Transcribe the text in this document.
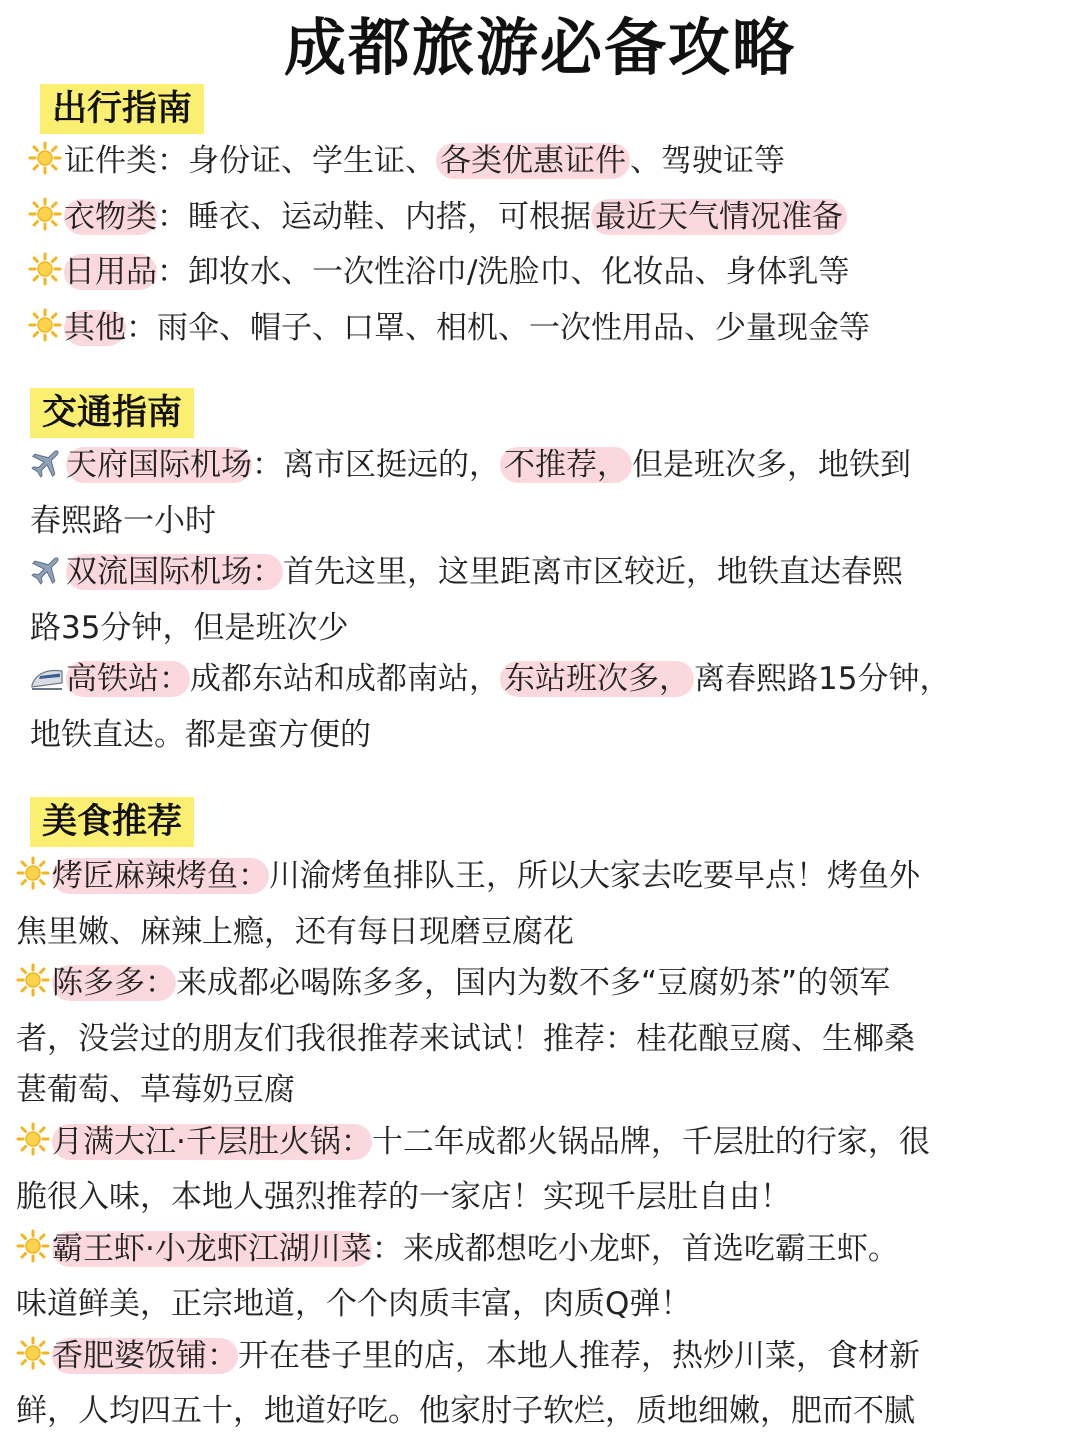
成都旅游必备攻略
出行指南
证件类：身份证、学生证、 各类优惠证件 、驾驶证等
衣物类：睡衣、运动鞋、内搭，可根据 最近天气情况准备
日用品：卸妆水、一次性浴巾/洗脸巾、化妆品、身体乳等
其他：雨伞、帽子、口罩、相机、一次性用品、少量现金等
交通指南
天府国际机场：离市区挺远的， 不推荐， 但是班次多，地铁到
春熙路一小时
双流国际机场：首先这里，这里距离市区较近，地铁直达春熙
路35分钟，但是班次少
高铁站：成都东站和成都南站， 东站班次多， 离春熙路15分钟，
地铁直达。都是蛮方便的
美食推荐
烤匠麻辣烤鱼：川渝烤鱼排队王，所以大家去吃要早点！烤鱼外
焦里嫩、麻辣上瘾，还有每日现磨豆腐花
陈多多：来成都必喝陈多多，国内为数不多“豆腐奶茶”的领军
者，没尝过的朋友们我很推荐来试试！推荐：桂花酿豆腐、生椰桑
葚葡萄、草莓奶豆腐
月满大江·千层肚火锅：十二年成都火锅品牌，千层肚的行家，很
脆很入味，本地人强烈推荐的一家店！实现千层肚自由！
霸王虾·小龙虾江湖川菜：来成都想吃小龙虾，首选吃霸王虾。
味道鲜美，正宗地道，个个肉质丰富，肉质Q弹！
香肥婆饭铺：开在巷子里的店，本地人推荐，热炒川菜，食材新
鲜，人均四五十，地道好吃。他家肘子软烂，质地细嫩，肥而不腻
